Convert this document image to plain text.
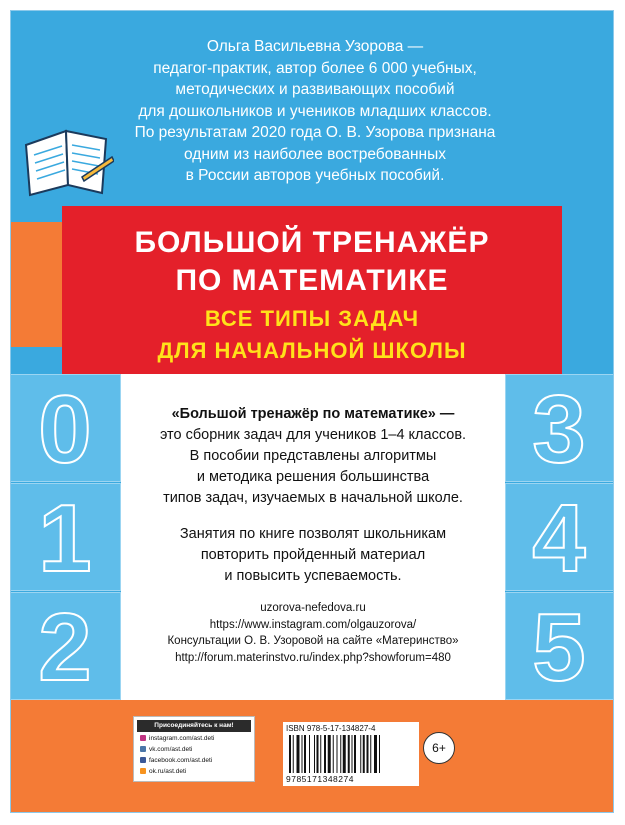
0
1
2
3
4
5
Ольга Васильевна Узорова —
педагог-практик, автор более 6 000 учебных,
методических и развивающих пособий
для дошкольников и учеников младших классов.
По результатам 2020 года О. В. Узорова признана
одним из наиболее востребованных
в России авторов учебных пособий.
БОЛЬШОЙ ТРЕНАЖЁР
ПО МАТЕМАТИКЕ
ВСЕ ТИПЫ ЗАДАЧ
ДЛЯ НАЧАЛЬНОЙ ШКОЛЫ
«Большой тренажёр по математике» —
это сборник задач для учеников 1–4 классов.
В пособии представлены алгоритмы
и методика решения большинства
типов задач, изучаемых в начальной школе.
Занятия по книге позволят школьникам
повторить пройденный материал
и повысить успеваемость.
uzorova-nefedova.ru
https://www.instagram.com/olgauzorova/
Консультации О. В. Узоровой на сайте «Материнство»
http://forum.materinstvo.ru/index.php?showforum=480
Присоединяйтесь к нам!
instagram.com/ast.deti
vk.com/ast.deti
facebook.com/ast.deti
ok.ru/ast.deti
ISBN 978-5-17-134827-4
9785171348274
6+
